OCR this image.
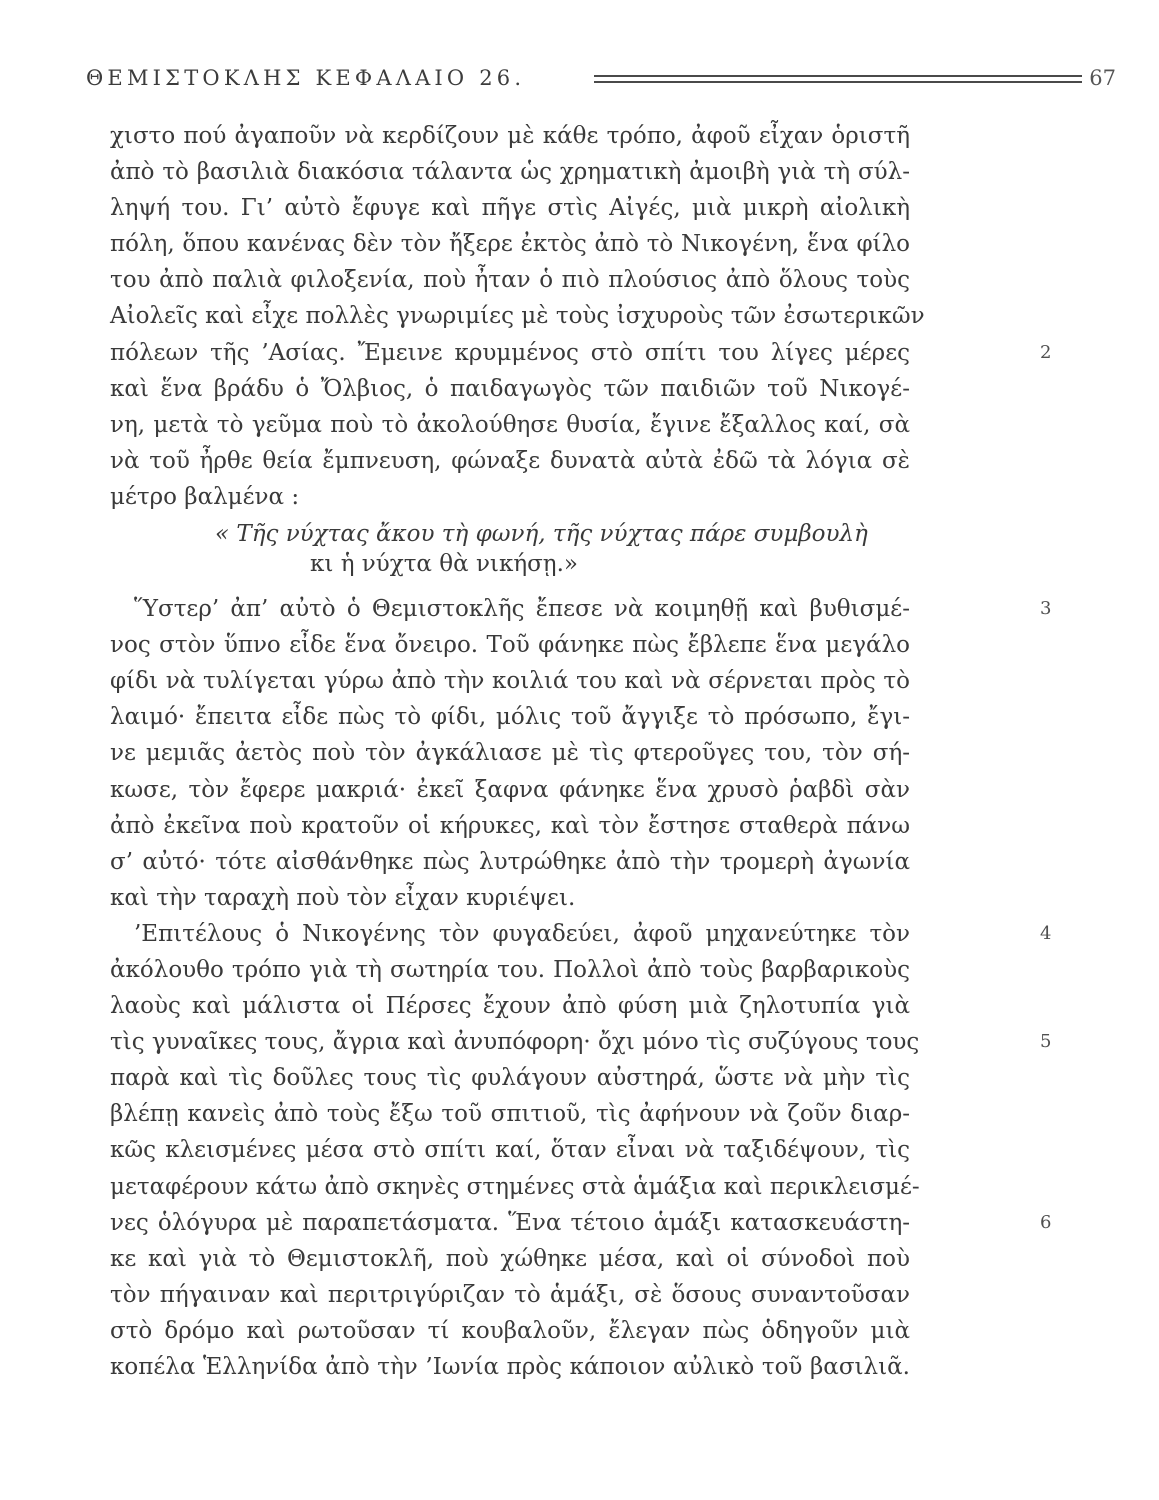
ΘΕΜΙΣΤΟΚΛΗΣ ΚΕΦΑΛΑΙΟ 26.	67
χιστο πού ἀγαποῦν νὰ κερδίζουν μὲ κάθε τρόπο, ἀφοῦ εἶχαν ὁριστῆ
ἀπὸ τὸ βασιλιὰ διακόσια τάλαντα ὡς χρηματικὴ ἀμοιβὴ γιὰ τὴ σύλ-
ληψή του. Γι’ αὐτὸ ἔφυγε καὶ πῆγε στὶς Αἰγές, μιὰ μικρὴ αἰολικὴ
πόλη, ὅπου κανένας δὲν τὸν ἤξερε ἐκτὸς ἀπὸ τὸ Νικογένη, ἕνα φίλο
του ἀπὸ παλιὰ φιλοξενία, ποὺ ἦταν ὁ πιὸ πλούσιος ἀπὸ ὅλους τοὺς
Αἰολεῖς καὶ εἶχε πολλὲς γνωριμίες μὲ τοὺς ἰσχυροὺς τῶν ἐσωτερικῶν
πόλεων τῆς ’Ασίας. Ἔμεινε κρυμμένος στὸ σπίτι του λίγες μέρες	2
καὶ ἕνα βράδυ ὁ Ὄλβιος, ὁ παιδαγωγὸς τῶν παιδιῶν τοῦ Νικογέ-
νη, μετὰ τὸ γεῦμα ποὺ τὸ ἀκολούθησε θυσία, ἔγινε ἔξαλλος καί, σὰ
νὰ τοῦ ἦρθε θεία ἔμπνευση, φώναξε δυνατὰ αὐτὰ ἐδῶ τὰ λόγια σὲ
μέτρο βαλμένα :
« Τῆς νύχτας ἄκου τὴ φωνή, τῆς νύχτας πάρε συμβουλὴ
κι ἡ νύχτα θὰ νικήσῃ.»
Ὕστερ’ ἀπ’ αὐτὸ ὁ Θεμιστοκλῆς ἔπεσε νὰ κοιμηθῇ καὶ βυθισμέ-	3
νος στὸν ὕπνο εἶδε ἕνα ὄνειρο. Τοῦ φάνηκε πὼς ἔβλεπε ἕνα μεγάλο
φίδι νὰ τυλίγεται γύρω ἀπὸ τὴν κοιλιά του καὶ νὰ σέρνεται πρὸς τὸ
λαιμό· ἔπειτα εἶδε πὼς τὸ φίδι, μόλις τοῦ ἄγγιξε τὸ πρόσωπο, ἔγι-
νε μεμιᾶς ἀετὸς ποὺ τὸν ἀγκάλιασε μὲ τὶς φτεροῦγες του, τὸν σή-
κωσε, τὸν ἔφερε μακριά· ἐκεῖ ξαφνα φάνηκε ἕνα χρυσὸ ῥαβδὶ σὰν
ἀπὸ ἐκεῖνα ποὺ κρατοῦν οἱ κήρυκες, καὶ τὸν ἔστησε σταθερὰ πάνω
σ’ αὐτό· τότε αἰσθάνθηκε πὼς λυτρώθηκε ἀπὸ τὴν τρομερὴ ἀγωνία
καὶ τὴν ταραχὴ ποὺ τὸν εἶχαν κυριέψει.
’Επιτέλους ὁ Νικογένης τὸν φυγαδεύει, ἀφοῦ μηχανεύτηκε τὸν	4
ἀκόλουθο τρόπο γιὰ τὴ σωτηρία του. Πολλοὶ ἀπὸ τοὺς βαρβαρικοὺς
λαοὺς καὶ μάλιστα οἱ Πέρσες ἔχουν ἀπὸ φύση μιὰ ζηλοτυπία γιὰ
τὶς γυναῖκες τους, ἄγρια καὶ ἀνυπόφορη· ὄχι μόνο τὶς συζύγους τους	5
παρὰ καὶ τὶς δοῦλες τους τὶς φυλάγουν αὐστηρά, ὥστε νὰ μὴν τὶς
βλέπῃ κανεὶς ἀπὸ τοὺς ἔξω τοῦ σπιτιοῦ, τὶς ἀφήνουν νὰ ζοῦν διαρ-
κῶς κλεισμένες μέσα στὸ σπίτι καί, ὅταν εἶναι νὰ ταξιδέψουν, τὶς
μεταφέρουν κάτω ἀπὸ σκηνὲς στημένες στὰ ἁμάξια καὶ περικλεισμέ-
νες ὁλόγυρα μὲ παραπετάσματα. Ἕνα τέτοιο ἁμάξι κατασκευάστη-	6
κε καὶ γιὰ τὸ Θεμιστοκλῆ, ποὺ χώθηκε μέσα, καὶ οἱ σύνοδοὶ ποὺ
τὸν πήγαιναν καὶ περιτριγύριζαν τὸ ἁμάξι, σὲ ὅσους συναντοῦσαν
στὸ δρόμο καὶ ρωτοῦσαν τί κουβαλοῦν, ἔλεγαν πὼς ὁδηγοῦν μιὰ
κοπέλα Ἑλληνίδα ἀπὸ τὴν ’Ιωνία πρὸς κάποιον αὐλικὸ τοῦ βασιλιᾶ.
